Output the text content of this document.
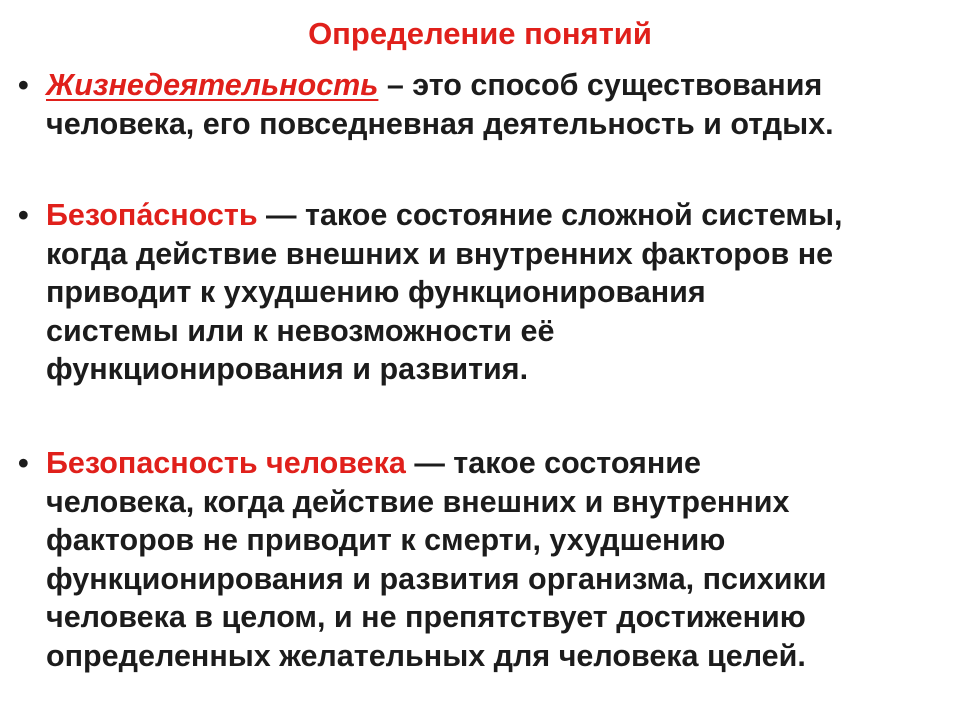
Определение понятий
• Жизнедеятельность – это способ существования
человека, его повседневная деятельность и отдых.
• Безопа́сность — такое состояние сложной системы,
когда действие внешних и внутренних факторов не
приводит к ухудшению функционирования
системы или к невозможности её
функционирования и развития.
• Безопасность человека — такое состояние
человека, когда действие внешних и внутренних
факторов не приводит к смерти, ухудшению
функционирования и развития организма, психики
человека в целом, и не препятствует достижению
определенных желательных для человека целей.
